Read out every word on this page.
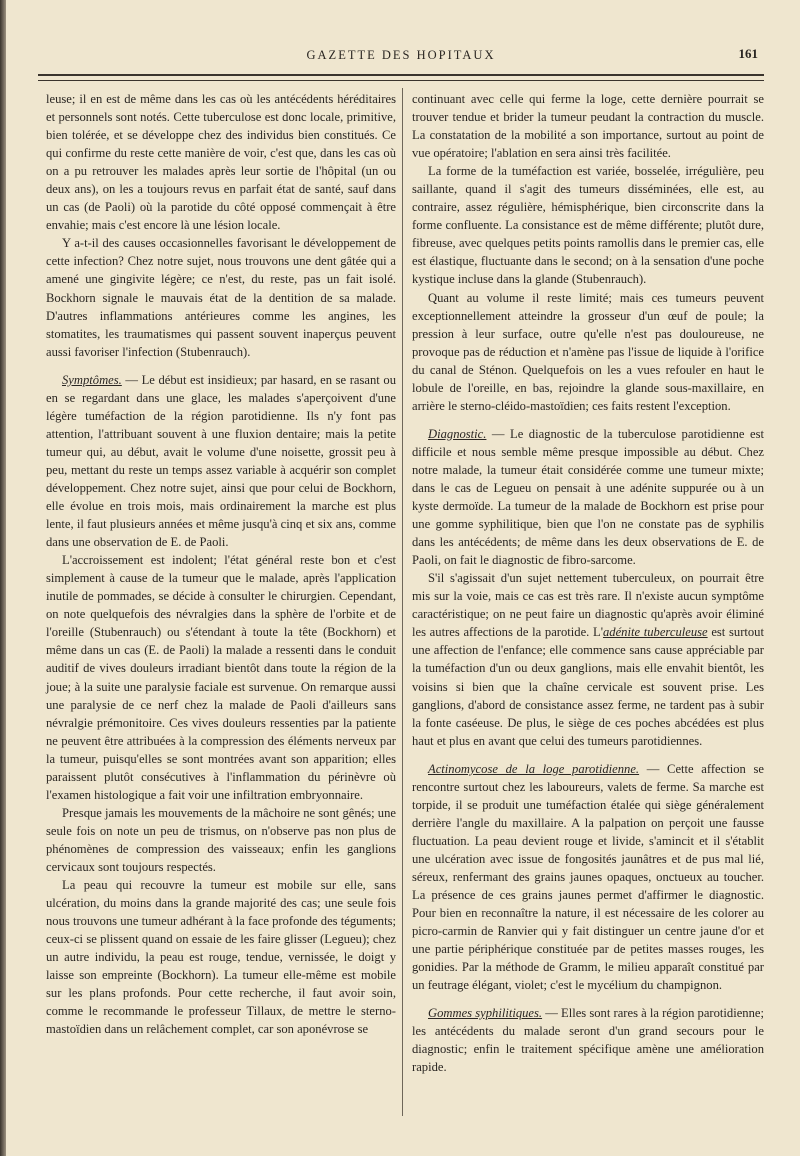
GAZETTE DES HOPITAUX	161

leuse; il en est de même dans les cas où les antécédents héréditaires et personnels sont notés. Cette tuberculose est donc locale, primitive, bien tolérée, et se développe chez des individus bien constitués. Ce qui confirme du reste cette manière de voir, c'est que, dans les cas où on a pu retrouver les malades après leur sortie de l'hôpital (un ou deux ans), on les a toujours revus en parfait état de santé, sauf dans un cas (de Paoli) où la parotide du côté opposé commençait à être envahie; mais c'est encore là une lésion locale.

Y a-t-il des causes occasionnelles favorisant le développement de cette infection? Chez notre sujet, nous trouvons une dent gâtée qui a amené une gingivite légère; ce n'est, du reste, pas un fait isolé. Bockhorn signale le mauvais état de la dentition de sa malade. D'autres inflammations antérieures comme les angines, les stomatites, les traumatismes qui passent souvent inaperçus peuvent aussi favoriser l'infection (Stubenrauch).

Symptômes. — Le début est insidieux; par hasard, en se rasant ou en se regardant dans une glace, les malades s'aperçoivent d'une légère tuméfaction de la région parotidienne. Ils n'y font pas attention, l'attribuant souvent à une fluxion dentaire; mais la petite tumeur qui, au début, avait le volume d'une noisette, grossit peu à peu, mettant du reste un temps assez variable à acquérir son complet développement. Chez notre sujet, ainsi que pour celui de Bockhorn, elle évolue en trois mois, mais ordinairement la marche est plus lente, il faut plusieurs années et même jusqu'à cinq et six ans, comme dans une observation de E. de Paoli.

L'accroissement est indolent; l'état général reste bon et c'est simplement à cause de la tumeur que le malade, après l'application inutile de pommades, se décide à consulter le chirurgien. Cependant, on note quelquefois des névralgies dans la sphère de l'orbite et de l'oreille (Stubenrauch) ou s'étendant à toute la tête (Bockhorn) et même dans un cas (E. de Paoli) la malade a ressenti dans le conduit auditif de vives douleurs irradiant bientôt dans toute la région de la joue; à la suite une paralysie faciale est survenue. On remarque aussi une paralysie de ce nerf chez la malade de Paoli d'ailleurs sans névralgie prémonitoire. Ces vives douleurs ressenties par la patiente ne peuvent être attribuées à la compression des éléments nerveux par la tumeur, puisqu'elles se sont montrées avant son apparition; elles paraissent plutôt consécutives à l'inflammation du périnèvre où l'examen histologique a fait voir une infiltration embryonnaire.

Presque jamais les mouvements de la mâchoire ne sont gênés; une seule fois on note un peu de trismus, on n'observe pas non plus de phénomènes de compression des vaisseaux; enfin les ganglions cervicaux sont toujours respectés.

La peau qui recouvre la tumeur est mobile sur elle, sans ulcération, du moins dans la grande majorité des cas; une seule fois nous trouvons une tumeur adhérant à la face profonde des téguments; ceux-ci se plissent quand on essaie de les faire glisser (Legueu); chez un autre individu, la peau est rouge, tendue, vernissée, le doigt y laisse son empreinte (Bockhorn). La tumeur elle-même est mobile sur les plans profonds. Pour cette recherche, il faut avoir soin, comme le recommande le professeur Tillaux, de mettre le sterno-mastoïdien dans un relâchement complet, car son aponévrose se

continuant avec celle qui ferme la loge, cette dernière pourrait se trouver tendue et brider la tumeur peudant la contraction du muscle. La constatation de la mobilité a son importance, surtout au point de vue opératoire; l'ablation en sera ainsi très facilitée.

La forme de la tuméfaction est variée, bosselée, irrégulière, peu saillante, quand il s'agit des tumeurs disséminées, elle est, au contraire, assez régulière, hémisphérique, bien circonscrite dans la forme confluente. La consistance est de même différente; plutôt dure, fibreuse, avec quelques petits points ramollis dans le premier cas, elle est élastique, fluctuante dans le second; on à la sensation d'une poche kystique incluse dans la glande (Stubenrauch).

Quant au volume il reste limité; mais ces tumeurs peuvent exceptionnellement atteindre la grosseur d'un œuf de poule; la pression à leur surface, outre qu'elle n'est pas douloureuse, ne provoque pas de réduction et n'amène pas l'issue de liquide à l'orifice du canal de Sténon. Quelquefois on les a vues refouler en haut le lobule de l'oreille, en bas, rejoindre la glande sous-maxillaire, en arrière le sterno-cléido-mastoïdien; ces faits restent l'exception.

Diagnostic. — Le diagnostic de la tuberculose parotidienne est difficile et nous semble même presque impossible au début. Chez notre malade, la tumeur était considérée comme une tumeur mixte; dans le cas de Legueu on pensait à une adénite suppurée ou à un kyste dermoïde. La tumeur de la malade de Bockhorn est prise pour une gomme syphilitique, bien que l'on ne constate pas de syphilis dans les antécédents; de même dans les deux observations de E. de Paoli, on fait le diagnostic de fibro-sarcome.

S'il s'agissait d'un sujet nettement tuberculeux, on pourrait être mis sur la voie, mais ce cas est très rare. Il n'existe aucun symptôme caractéristique; on ne peut faire un diagnostic qu'après avoir éliminé les autres affections de la parotide. L'adénite tuberculeuse est surtout une affection de l'enfance; elle commence sans cause appréciable par la tuméfaction d'un ou deux ganglions, mais elle envahit bientôt, les voisins si bien que la chaîne cervicale est souvent prise. Les ganglions, d'abord de consistance assez ferme, ne tardent pas à subir la fonte caséeuse. De plus, le siège de ces poches abcédées est plus haut et plus en avant que celui des tumeurs parotidiennes.

Actinomycose de la loge parotidienne. — Cette affection se rencontre surtout chez les laboureurs, valets de ferme. Sa marche est torpide, il se produit une tuméfaction étalée qui siège généralement derrière l'angle du maxillaire. A la palpation on perçoit une fausse fluctuation. La peau devient rouge et livide, s'amincit et il s'établit une ulcération avec issue de fongosités jaunâtres et de pus mal lié, séreux, renfermant des grains jaunes opaques, onctueux au toucher. La présence de ces grains jaunes permet d'affirmer le diagnostic. Pour bien en reconnaître la nature, il est nécessaire de les colorer au picro-carmin de Ranvier qui y fait distinguer un centre jaune d'or et une partie périphérique constituée par de petites masses rouges, les gonidies. Par la méthode de Gramm, le milieu apparaît constitué par un feutrage élégant, violet; c'est le mycélium du champignon.

Gommes syphilitiques. — Elles sont rares à la région parotidienne; les antécédents du malade seront d'un grand secours pour le diagnostic; enfin le traitement spécifique amène une amélioration rapide.
